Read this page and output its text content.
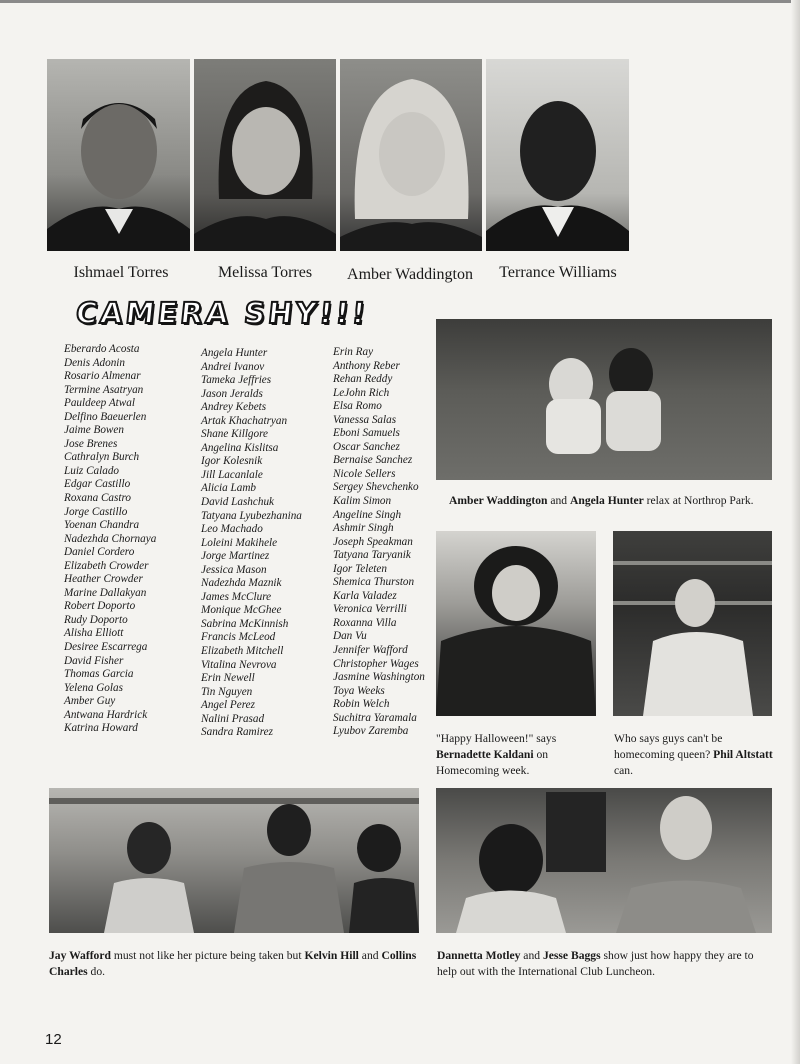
Ishmael Torres	Melissa Torres	Amber Waddington	Terrance Williams
CAMERA SHY!!!
Eberardo Acosta
Denis Adonin
Rosario Almenar
Termine Asatryan
Pauldeep Atwal
Delfino Baeuerlen
Jaime Bowen
Jose Brenes
Cathralyn Burch
Luiz Calado
Edgar Castillo
Roxana Castro
Jorge Castillo
Yoenan Chandra
Nadezhda Chornaya
Daniel Cordero
Elizabeth Crowder
Heather Crowder
Marine Dallakyan
Robert Doporto
Rudy Doporto
Alisha Elliott
Desiree Escarrega
David Fisher
Thomas Garcia
Yelena Golas
Amber Guy
Antwana Hardrick
Katrina Howard
Angela Hunter
Andrei Ivanov
Tameka Jeffries
Jason Jeralds
Andrey Kebets
Artak Khachatryan
Shane Killgore
Angelina Kislitsa
Igor Kolesnik
Jill Lacanlale
Alicia Lamb
David Lashchuk
Tatyana Lyubezhanina
Leo Machado
Loleini Makihele
Jorge Martinez
Jessica Mason
Nadezhda Maznik
James McClure
Monique McGhee
Sabrina McKinnish
Francis McLeod
Elizabeth Mitchell
Vitalina Nevrova
Erin Newell
Tin Nguyen
Angel Perez
Nalini Prasad
Sandra Ramirez
Erin Ray
Anthony Reber
Rehan Reddy
LeJohn Rich
Elsa Romo
Vanessa Salas
Eboni Samuels
Oscar Sanchez
Bernaise Sanchez
Nicole Sellers
Sergey Shevchenko
Kalim Simon
Angeline Singh
Ashmir Singh
Joseph Speakman
Tatyana Taryanik
Igor Teleten
Shemica Thurston
Karla Valadez
Veronica Verrilli
Roxanna Villa
Dan Vu
Jennifer Wafford
Christopher Wages
Jasmine Washington
Toya Weeks
Robin Welch
Suchitra Yaramala
Lyubov Zaremba
Amber Waddington and Angela Hunter relax at Northrop Park.
"Happy Halloween!" says
Bernadette Kaldani on Homecoming week.
Who says guys can't be homecoming queen? Phil Altstatt can.
Jay Wafford must not like her picture being taken but Kelvin Hill and Collins Charles do.
Dannetta Motley and Jesse Baggs show just how happy they are to help out with the International Club Luncheon.
12
